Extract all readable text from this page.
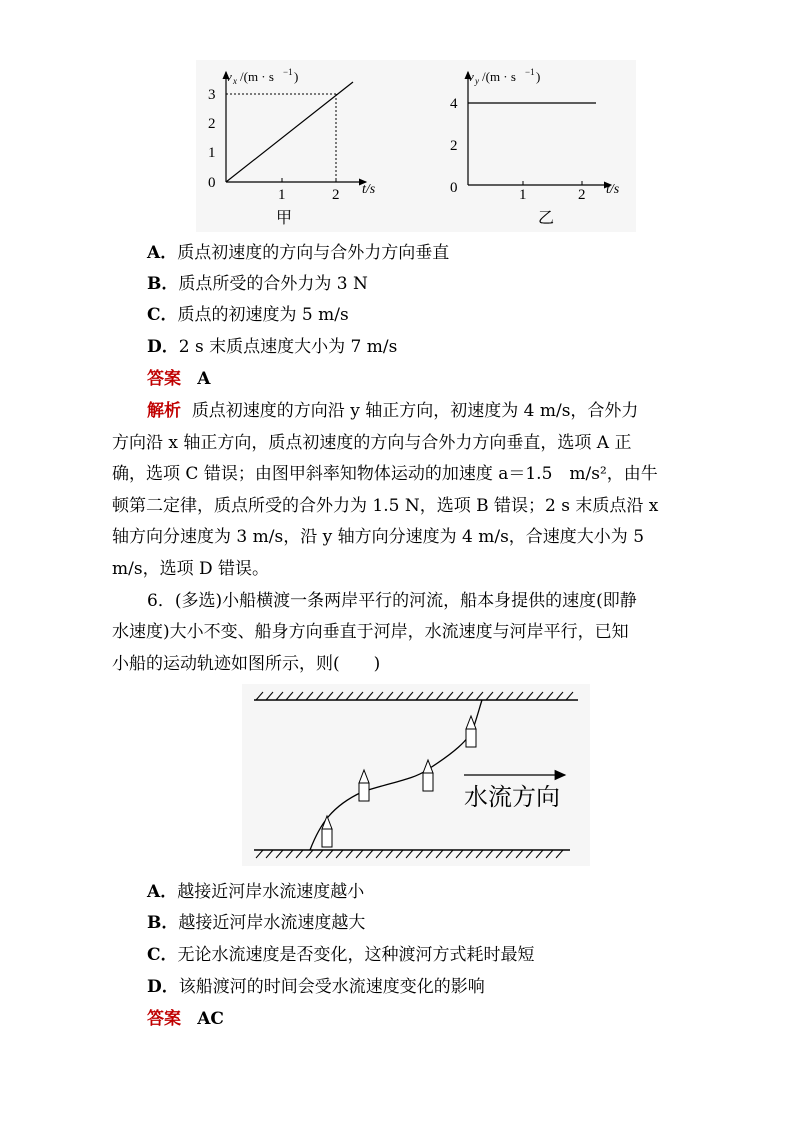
v x /(m · s −1 )
3
2
1
0
1	2 t/s
甲
v y /(m · s −1 )
4
2
0	1	2 t/s
乙
A．质点初速度的方向与合外力方向垂直
B．质点所受的合外力为 3 N
C．质点的初速度为 5 m/s
D．2 s 末质点速度大小为 7 m/s
答案 A
解析 质点初速度的方向沿 y 轴正方向，初速度为 4 m/s，合外力
方向沿 x 轴正方向，质点初速度的方向与合外力方向垂直，选项 A 正
确，选项 C 错误；由图甲斜率知物体运动的加速度 a＝1.5　m/s²，由牛
顿第二定律，质点所受的合外力为 1.5 N，选项 B 错误；2 s 末质点沿 x
轴方向分速度为 3 m/s，沿 y 轴方向分速度为 4 m/s，合速度大小为 5
m/s，选项 D 错误。
6．(多选)小船横渡一条两岸平行的河流，船本身提供的速度(即静
水速度)大小不变、船身方向垂直于河岸，水流速度与河岸平行，已知
小船的运动轨迹如图所示，则(　　)
水流方向
A．越接近河岸水流速度越小
B．越接近河岸水流速度越大
C．无论水流速度是否变化，这种渡河方式耗时最短
D．该船渡河的时间会受水流速度变化的影响
答案 AC
